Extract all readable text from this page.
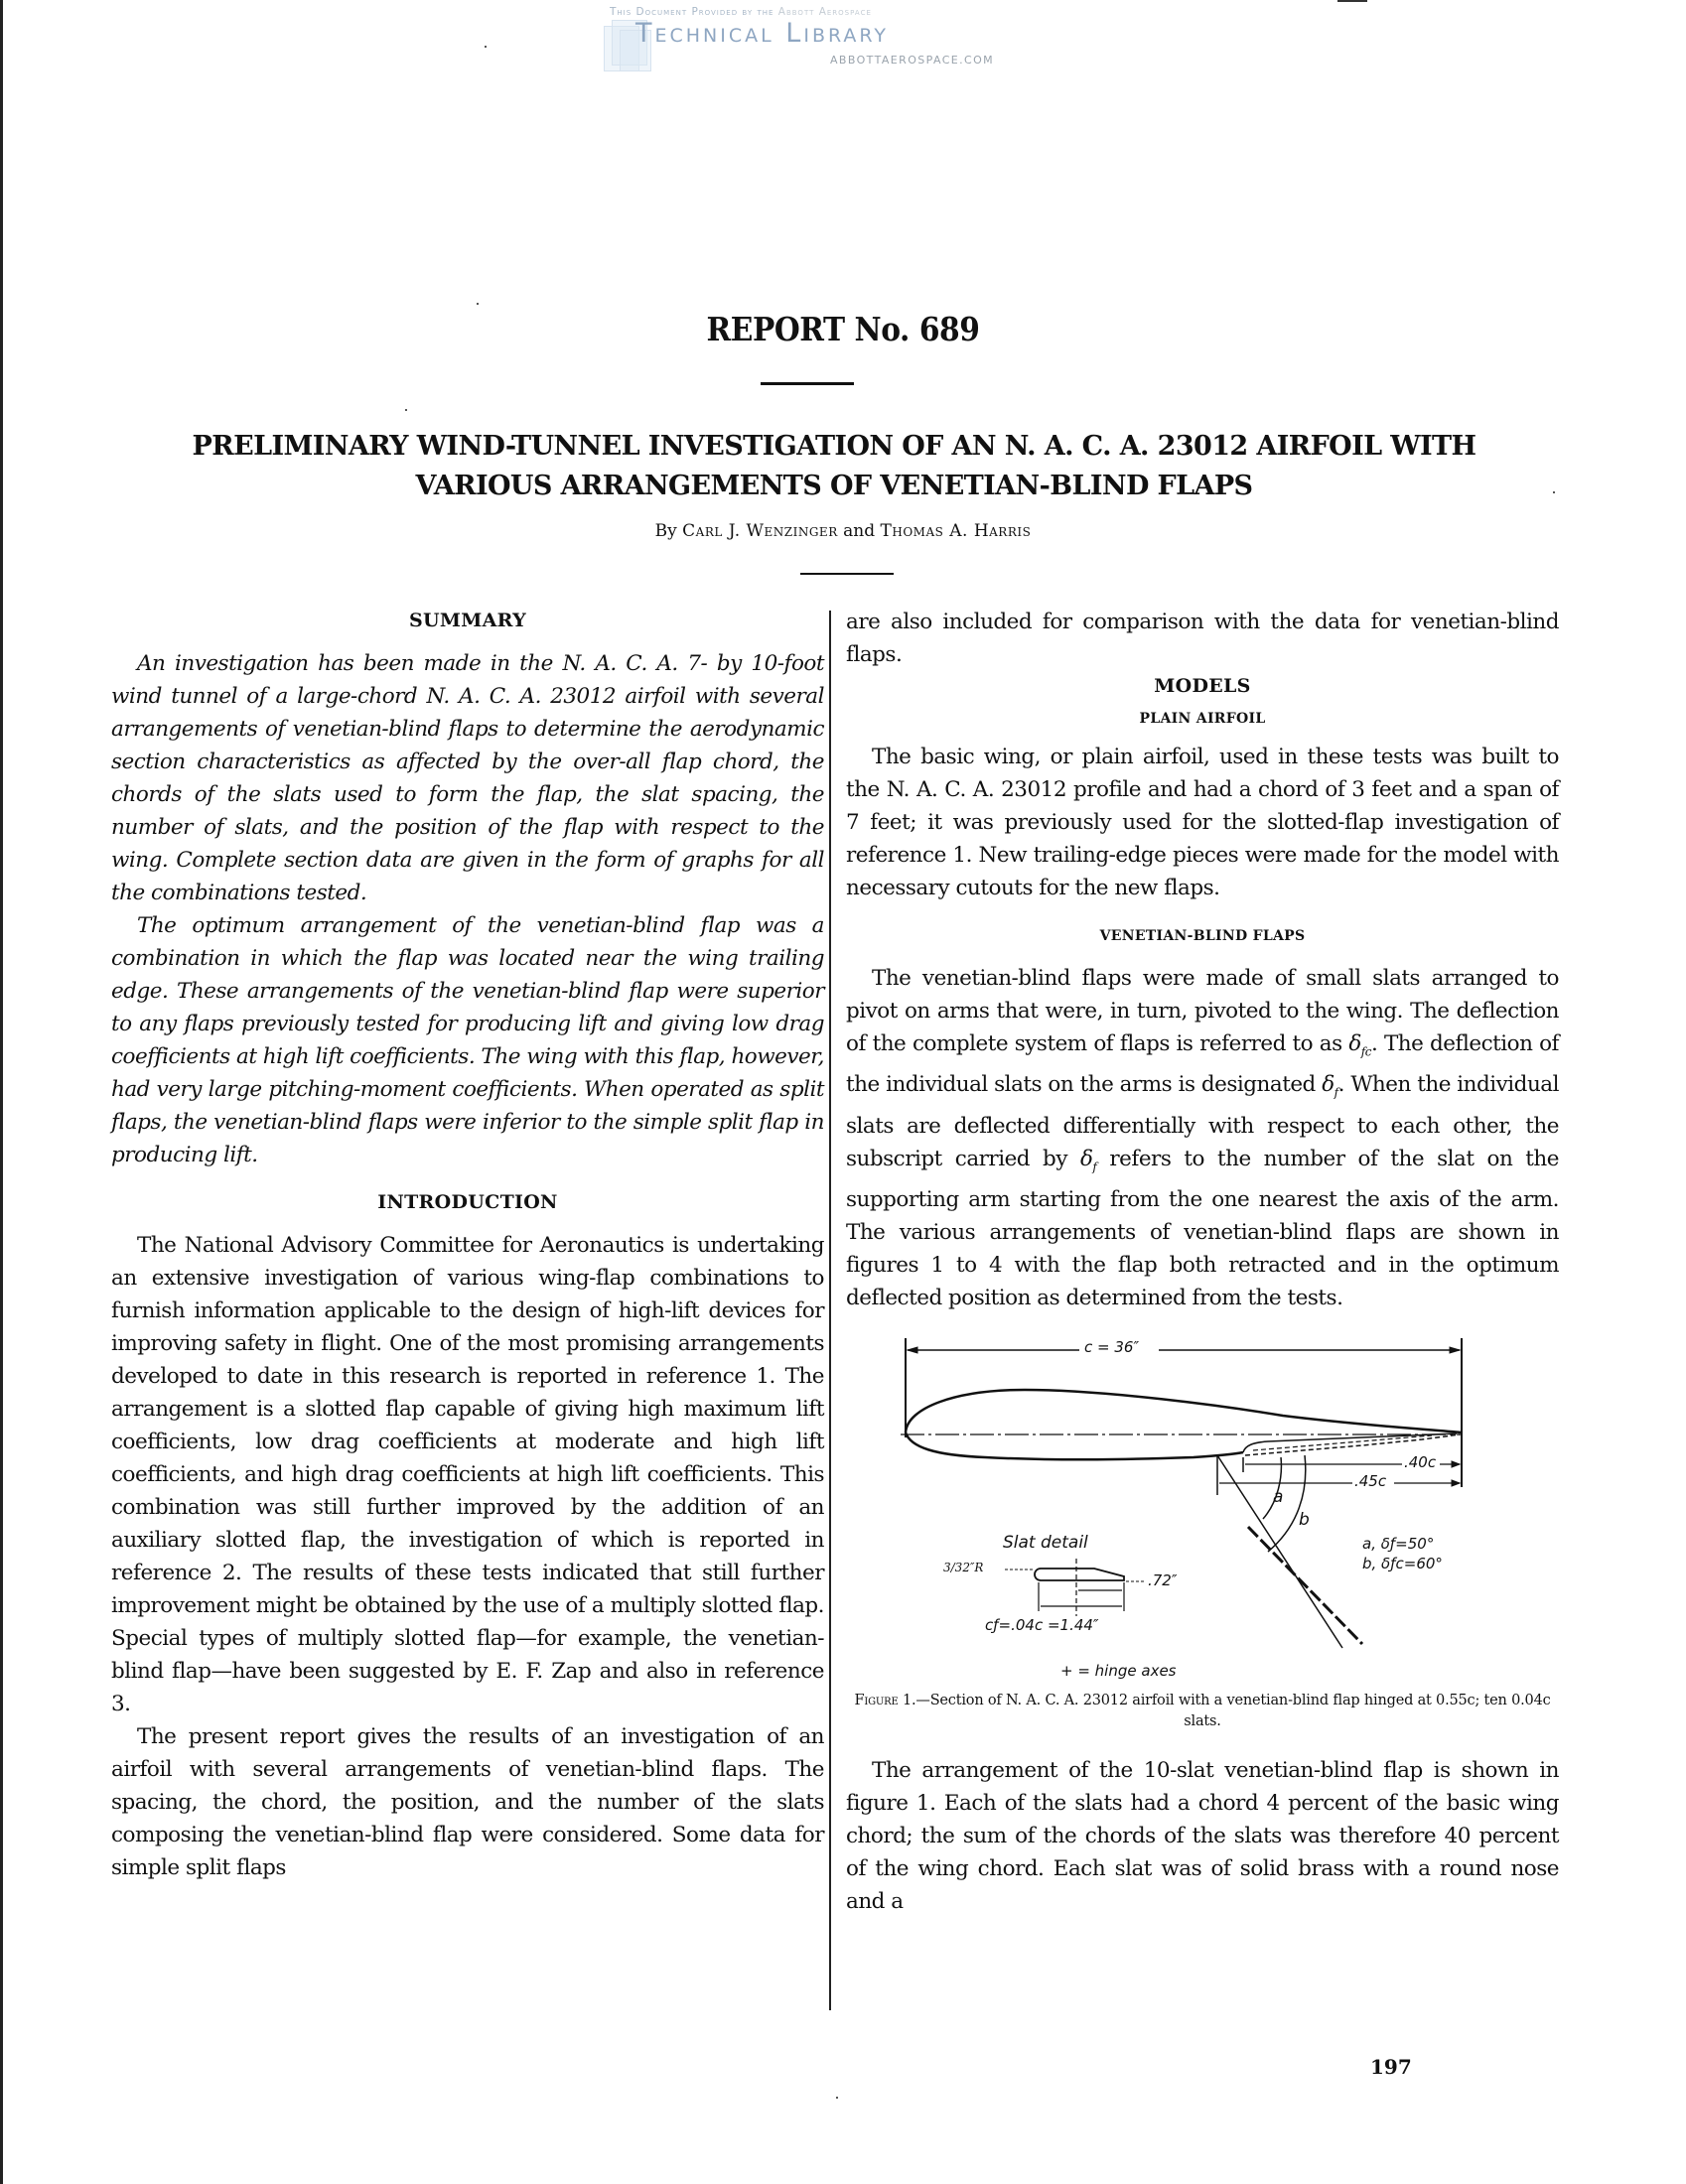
This Document Provided by the Abbott Aerospace
Technical Library
ABBOTTAEROSPACE.COM
REPORT No. 689
PRELIMINARY WIND-TUNNEL INVESTIGATION OF AN N. A. C. A. 23012 AIRFOIL WITH
VARIOUS ARRANGEMENTS OF VENETIAN-BLIND FLAPS
By Carl J. Wenzinger and Thomas A. Harris
SUMMARY

An investigation has been made in the N. A. C. A. 7- by 10-foot wind tunnel of a large-chord N. A. C. A. 23012 airfoil with several arrangements of venetian-blind flaps to determine the aerodynamic section characteristics as affected by the over-all flap chord, the chords of the slats used to form the flap, the slat spacing, the number of slats, and the position of the flap with respect to the wing. Complete section data are given in the form of graphs for all the combinations tested.

The optimum arrangement of the venetian-blind flap was a combination in which the flap was located near the wing trailing edge. These arrangements of the venetian-blind flap were superior to any flaps previously tested for producing lift and giving low drag coefficients at high lift coefficients. The wing with this flap, however, had very large pitching-moment coefficients. When operated as split flaps, the venetian-blind flaps were inferior to the simple split flap in producing lift.

INTRODUCTION

The National Advisory Committee for Aeronautics is undertaking an extensive investigation of various wing-flap combinations to furnish information applicable to the design of high-lift devices for improving safety in flight. One of the most promising arrangements developed to date in this research is reported in reference 1. The arrangement is a slotted flap capable of giving high maximum lift coefficients, low drag coefficients at moderate and high lift coefficients, and high drag coefficients at high lift coefficients. This combination was still further improved by the addition of an auxiliary slotted flap, the investigation of which is reported in reference 2. The results of these tests indicated that still further improvement might be obtained by the use of a multiply slotted flap. Special types of multiply slotted flap—for example, the venetian-blind flap—have been suggested by E. F. Zap and also in reference 3.

The present report gives the results of an investigation of an airfoil with several arrangements of venetian-blind flaps. The spacing, the chord, the position, and the number of the slats composing the venetian-blind flap were considered. Some data for simple split flaps

are also included for comparison with the data for venetian-blind flaps.

MODELS
PLAIN AIRFOIL

The basic wing, or plain airfoil, used in these tests was built to the N. A. C. A. 23012 profile and had a chord of 3 feet and a span of 7 feet; it was previously used for the slotted-flap investigation of reference 1. New trailing-edge pieces were made for the model with necessary cutouts for the new flaps.

VENETIAN-BLIND FLAPS

The venetian-blind flaps were made of small slats arranged to pivot on arms that were, in turn, pivoted to the wing. The deflection of the complete system of flaps is referred to as $\delta_{fc}$. The deflection of the individual slats on the arms is designated $\delta_f$. When the individual slats are deflected differentially with respect to each other, the subscript carried by $\delta_f$ refers to the number of the slat on the supporting arm starting from the one nearest the axis of the arm. The various arrangements of venetian-blind flaps are shown in figures 1 to 4 with the flap both retracted and in the optimum deflected position as determined from the tests.

c = 36″
.40c
.45c
a
b
Slat detail
3/32″R
.72″
cƒ=.04c =1.44″
a, δƒ=50°
b, δƒc=60°
+ = hinge axes

Figure 1.—Section of N. A. C. A. 23012 airfoil with a venetian-blind flap hinged at 0.55c; ten 0.04c slats.

The arrangement of the 10-slat venetian-blind flap is shown in figure 1. Each of the slats had a chord 4 percent of the basic wing chord; the sum of the chords of the slats was therefore 40 percent of the wing chord. Each slat was of solid brass with a round nose and a

197
